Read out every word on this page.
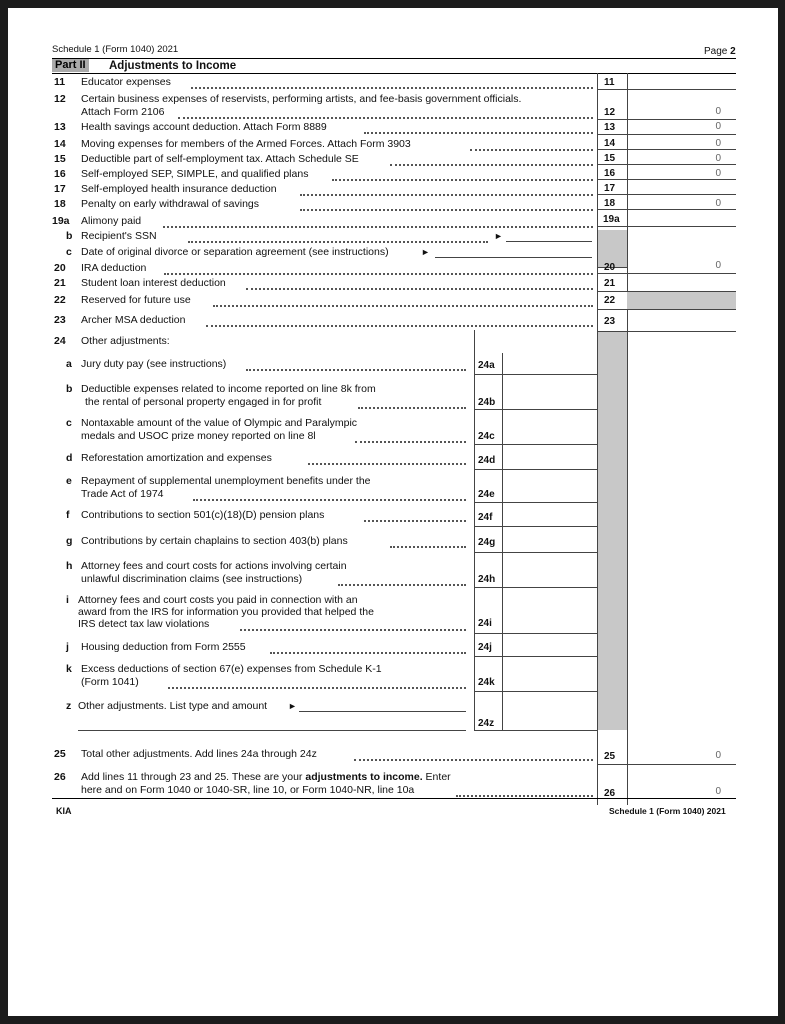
Schedule 1 (Form 1040) 2021	Page 2
Part II Adjustments to Income
11 Educator expenses	11
12 Certain business expenses of reservists, performing artists, and fee-basis government officials.
Attach Form 2106	12	0
13 Health savings account deduction. Attach Form 8889	13	0
14 Moving expenses for members of the Armed Forces. Attach Form 3903	14	0
15 Deductible part of self-employment tax. Attach Schedule SE	15	0
16 Self-employed SEP, SIMPLE, and qualified plans	16	0
17 Self-employed health insurance deduction	17
18 Penalty on early withdrawal of savings	18	0
19a Alimony paid	19a
b Recipient's SSN	►
c Date of original divorce or separation agreement (see instructions)	►
20 IRA deduction	20	0
21 Student loan interest deduction	21
22 Reserved for future use	22
23 Archer MSA deduction	23
24 Other adjustments:
a Jury duty pay (see instructions)	24a
b Deductible expenses related to income reported on line 8k from
the rental of personal property engaged in for profit	24b
c Nontaxable amount of the value of Olympic and Paralympic
medals and USOC prize money reported on line 8l	24c
d Reforestation amortization and expenses	24d
e Repayment of supplemental unemployment benefits under the
Trade Act of 1974	24e
f Contributions to section 501(c)(18)(D) pension plans	24f
g Contributions by certain chaplains to section 403(b) plans	24g
h Attorney fees and court costs for actions involving certain
unlawful discrimination claims (see instructions)	24h
i Attorney fees and court costs you paid in connection with an
award from the IRS for information you provided that helped the
IRS detect tax law violations	24i
j Housing deduction from Form 2555	24j
k Excess deductions of section 67(e) expenses from Schedule K-1
(Form 1041)	24k
z Other adjustments. List type and amount ►
24z
25 Total other adjustments. Add lines 24a through 24z	25	0
26 Add lines 11 through 23 and 25. These are your adjustments to income. Enter
here and on Form 1040 or 1040-SR, line 10, or Form 1040-NR, line 10a	26	0
KIA	Schedule 1 (Form 1040) 2021
